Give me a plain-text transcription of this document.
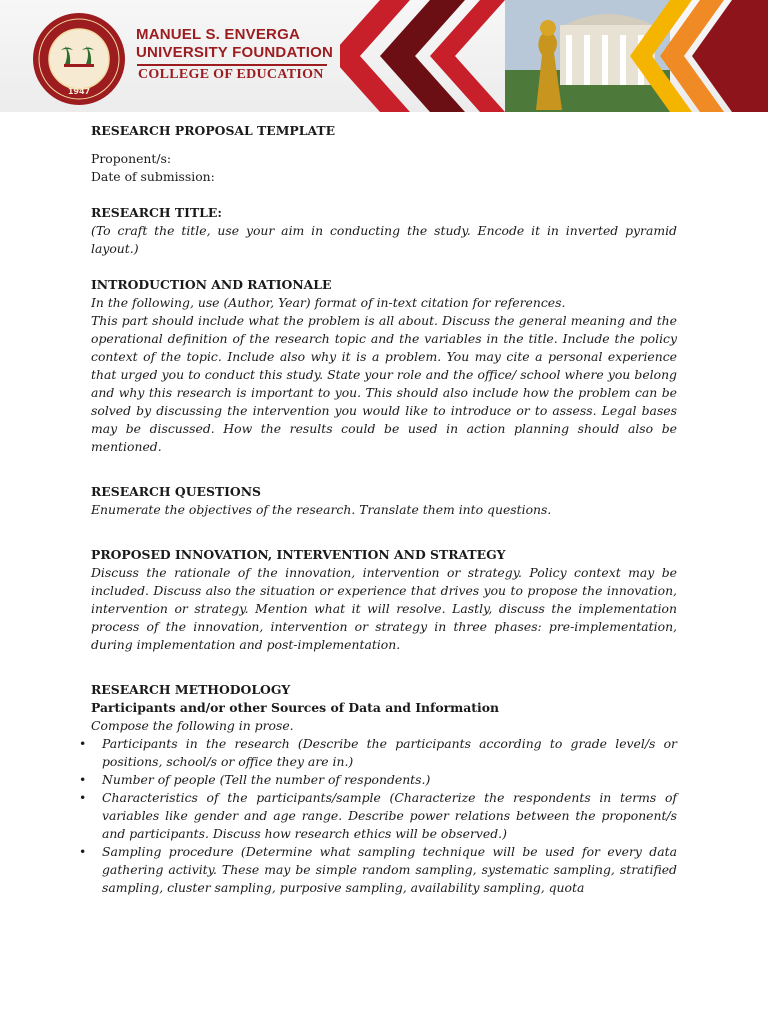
1947
MANUEL S. ENVERGA
UNIVERSITY FOUNDATION
COLLEGE OF EDUCATION

RESEARCH PROPOSAL TEMPLATE

Proponent/s:

Date of submission:

RESEARCH TITLE:

(To craft the title, use your aim in conducting the study. Encode it in inverted pyramid layout.)

INTRODUCTION AND RATIONALE

In the following, use (Author, Year) format of in-text citation for references.

This part should include what the problem is all about. Discuss the general meaning and the operational definition of the research topic and the variables in the title. Include the policy context of the topic. Include also why it is a problem. You may cite a personal experience that urged you to conduct this study. State your role and the office/ school where you belong and why this research is important to you. This should also include how the problem can be solved by discussing the intervention you would like to introduce or to assess. Legal bases may be discussed. How the results could be used in action planning should also be mentioned.

RESEARCH QUESTIONS

Enumerate the objectives of the research. Translate them into questions.

PROPOSED INNOVATION, INTERVENTION AND STRATEGY

Discuss the rationale of the innovation, intervention or strategy. Policy context may be included. Discuss also the situation or experience that drives you to propose the innovation, intervention or strategy. Mention what it will resolve. Lastly, discuss the implementation process of the innovation, intervention or strategy in three phases: pre-implementation, during implementation and post-implementation.

RESEARCH METHODOLOGY

Participants and/or other Sources of Data and Information

Compose the following in prose.

• Participants in the research (Describe the participants according to grade level/s or positions, school/s or office they are in.)
• Number of people (Tell the number of respondents.)
• Characteristics of the participants/sample (Characterize the respondents in terms of variables like gender and age range. Describe power relations between the proponent/s and participants. Discuss how research ethics will be observed.)
• Sampling procedure (Determine what sampling technique will be used for every data gathering activity. These may be simple random sampling, systematic sampling, stratified sampling, cluster sampling, purposive sampling, availability sampling, quota
